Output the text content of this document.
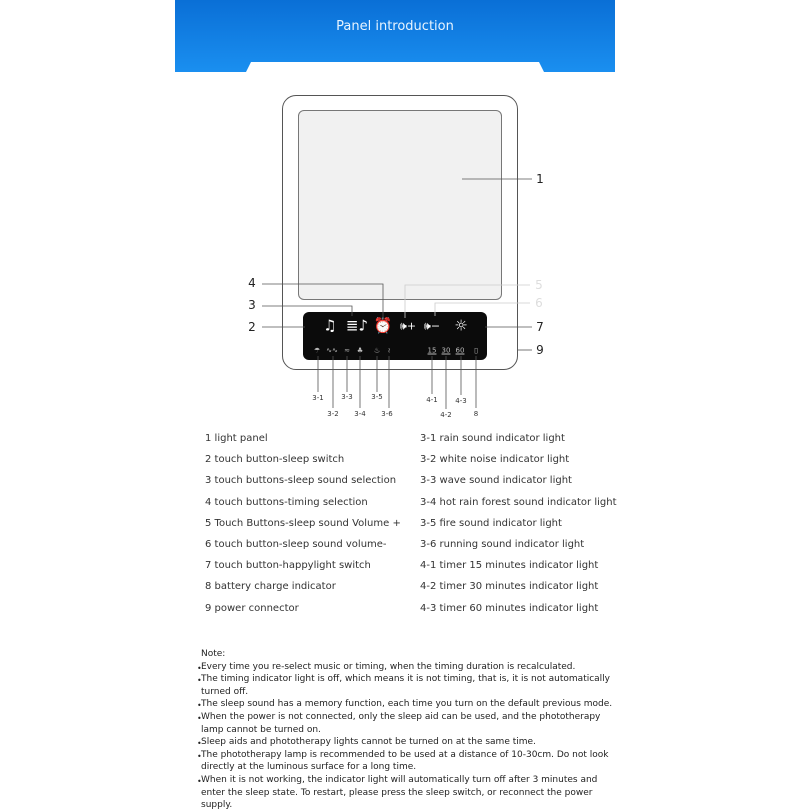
Panel introduction
♫ ≣♪ ⏰ 🕪+ 🕪− ☼
☂ ∿∿ ≈ ♣ ♨ ≀	15 30 60 ▯
1
4
3
2
5
6
7
9
3-1
3-2
3-3
3-4
3-5
3-6
4-1
4-2
4-3
8
1 light panel
2 touch button-sleep switch
3 touch buttons-sleep sound selection
4 touch buttons-timing selection
5 Touch Buttons-sleep sound Volume +
6 touch button-sleep sound volume-
7 touch button-happylight switch
8 battery charge indicator
9 power connector
3-1 rain sound indicator light
3-2 white noise indicator light
3-3 wave sound indicator light
3-4 hot rain forest sound indicator light
3-5 fire sound indicator light
3-6 running sound indicator light
4-1 timer 15 minutes indicator light
4-2 timer 30 minutes indicator light
4-3 timer 60 minutes indicator light
Note:
• Every time you re-select music or timing, when the timing duration is recalculated.
• The timing indicator light is off, which means it is not timing, that is, it is not automatically turned off.
• The sleep sound has a memory function, each time you turn on the default previous mode.
• When the power is not connected, only the sleep aid can be used, and the phototherapy lamp cannot be turned on.
• Sleep aids and phototherapy lights cannot be turned on at the same time.
• The phototherapy lamp is recommended to be used at a distance of 10-30cm. Do not look directly at the luminous surface for a long time.
• When it is not working, the indicator light will automatically turn off after 3 minutes and enter the sleep state. To restart, please press the sleep switch, or reconnect the power supply.
